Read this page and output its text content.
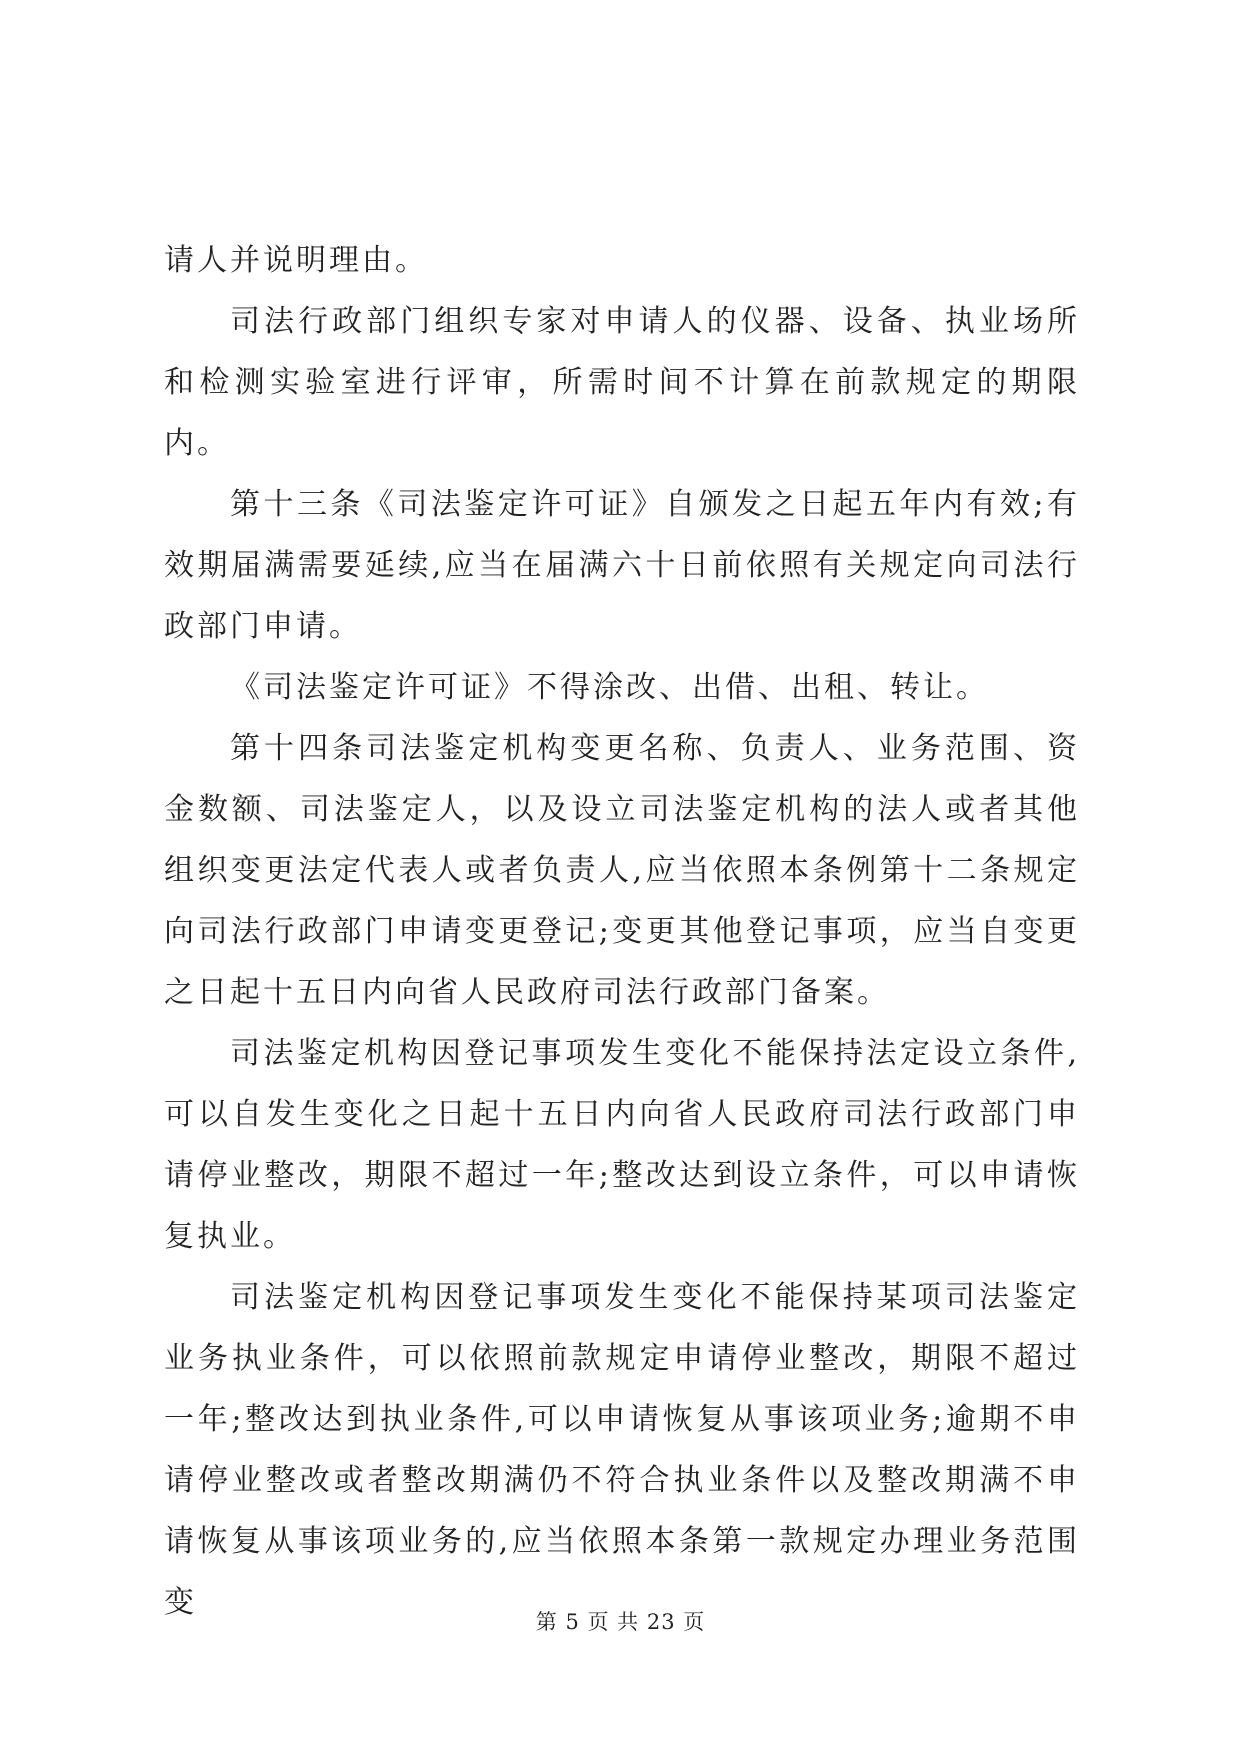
请人并说明理由。

司法行政部门组织专家对申请人的仪器、设备、执业场所和检测实验室进行评审，所需时间不计算在前款规定的期限内。

第十三条《司法鉴定许可证》自颁发之日起五年内有效;有效期届满需要延续,应当在届满六十日前依照有关规定向司法行政部门申请。

《司法鉴定许可证》不得涂改、出借、出租、转让。

第十四条司法鉴定机构变更名称、负责人、业务范围、资金数额、司法鉴定人，以及设立司法鉴定机构的法人或者其他组织变更法定代表人或者负责人,应当依照本条例第十二条规定向司法行政部门申请变更登记;变更其他登记事项，应当自变更之日起十五日内向省人民政府司法行政部门备案。

司法鉴定机构因登记事项发生变化不能保持法定设立条件,可以自发生变化之日起十五日内向省人民政府司法行政部门申请停业整改，期限不超过一年;整改达到设立条件，可以申请恢复执业。

司法鉴定机构因登记事项发生变化不能保持某项司法鉴定业务执业条件，可以依照前款规定申请停业整改，期限不超过一年;整改达到执业条件,可以申请恢复从事该项业务;逾期不申请停业整改或者整改期满仍不符合执业条件以及整改期满不申请恢复从事该项业务的,应当依照本条第一款规定办理业务范围变

第 5 页 共 23 页
